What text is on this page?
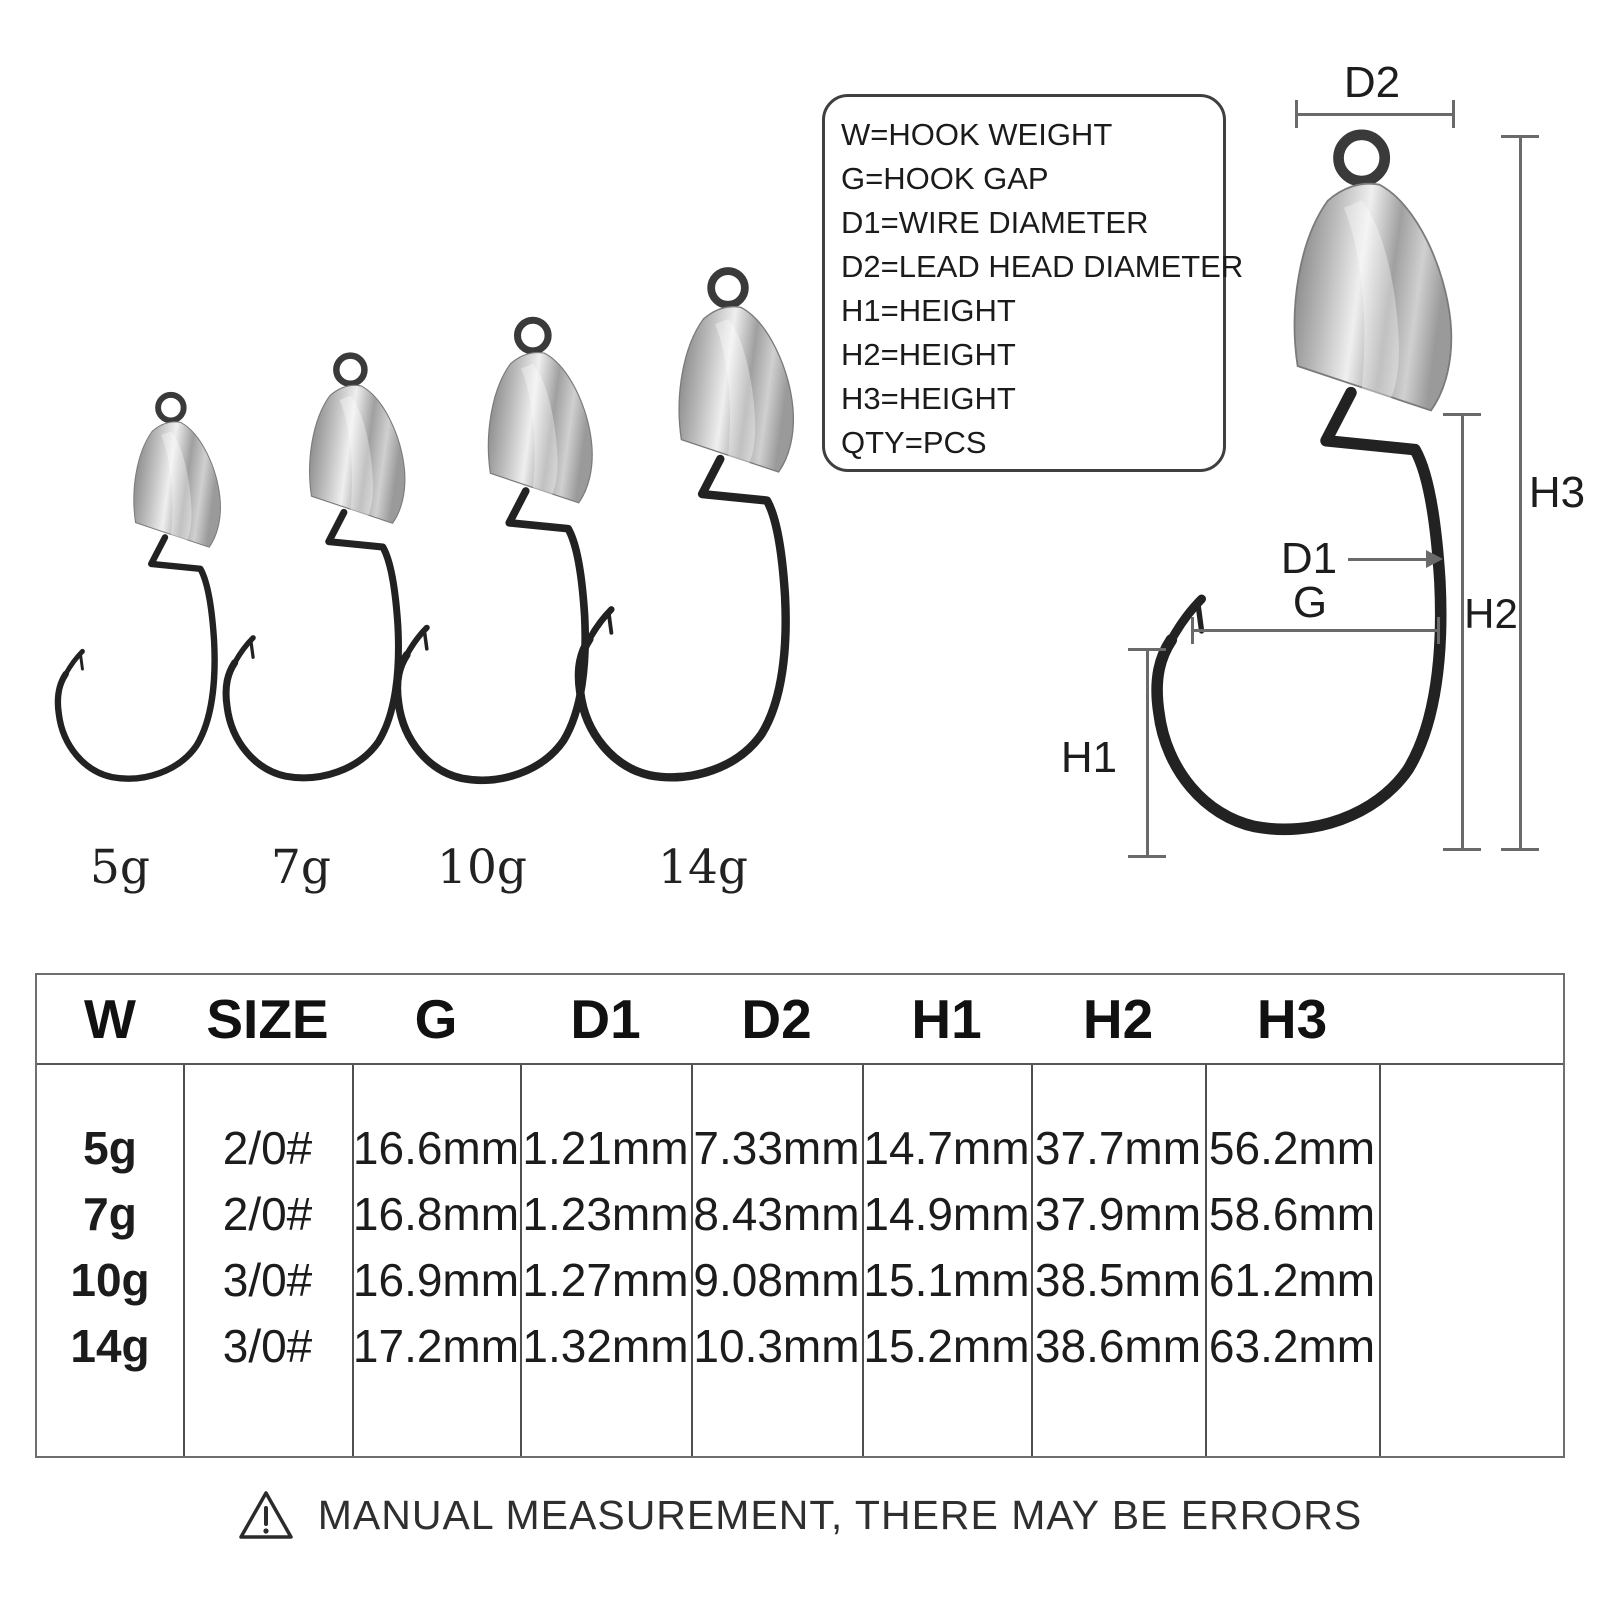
5g	7g	10g	14g
W=HOOK WEIGHT
G=HOOK GAP
D1=WIRE DIAMETER
D2=LEAD HEAD DIAMETER
H1=HEIGHT
H2=HEIGHT
H3=HEIGHT
QTY=PCS
D2
H3
H2
D1
G
H1
W	SIZE	G	D1	D2	H1	H2	H3
5g	2/0# 16.6mm 1.21mm 7.33mm 14.7mm 37.7mm 56.2mm
7g	2/0# 16.8mm 1.23mm 8.43mm 14.9mm 37.9mm 58.6mm
10g	3/0# 16.9mm 1.27mm 9.08mm 15.1mm 38.5mm 61.2mm
14g	3/0# 17.2mm 1.32mm 10.3mm 15.2mm 38.6mm 63.2mm
MANUAL MEASUREMENT, THERE MAY BE ERRORS
